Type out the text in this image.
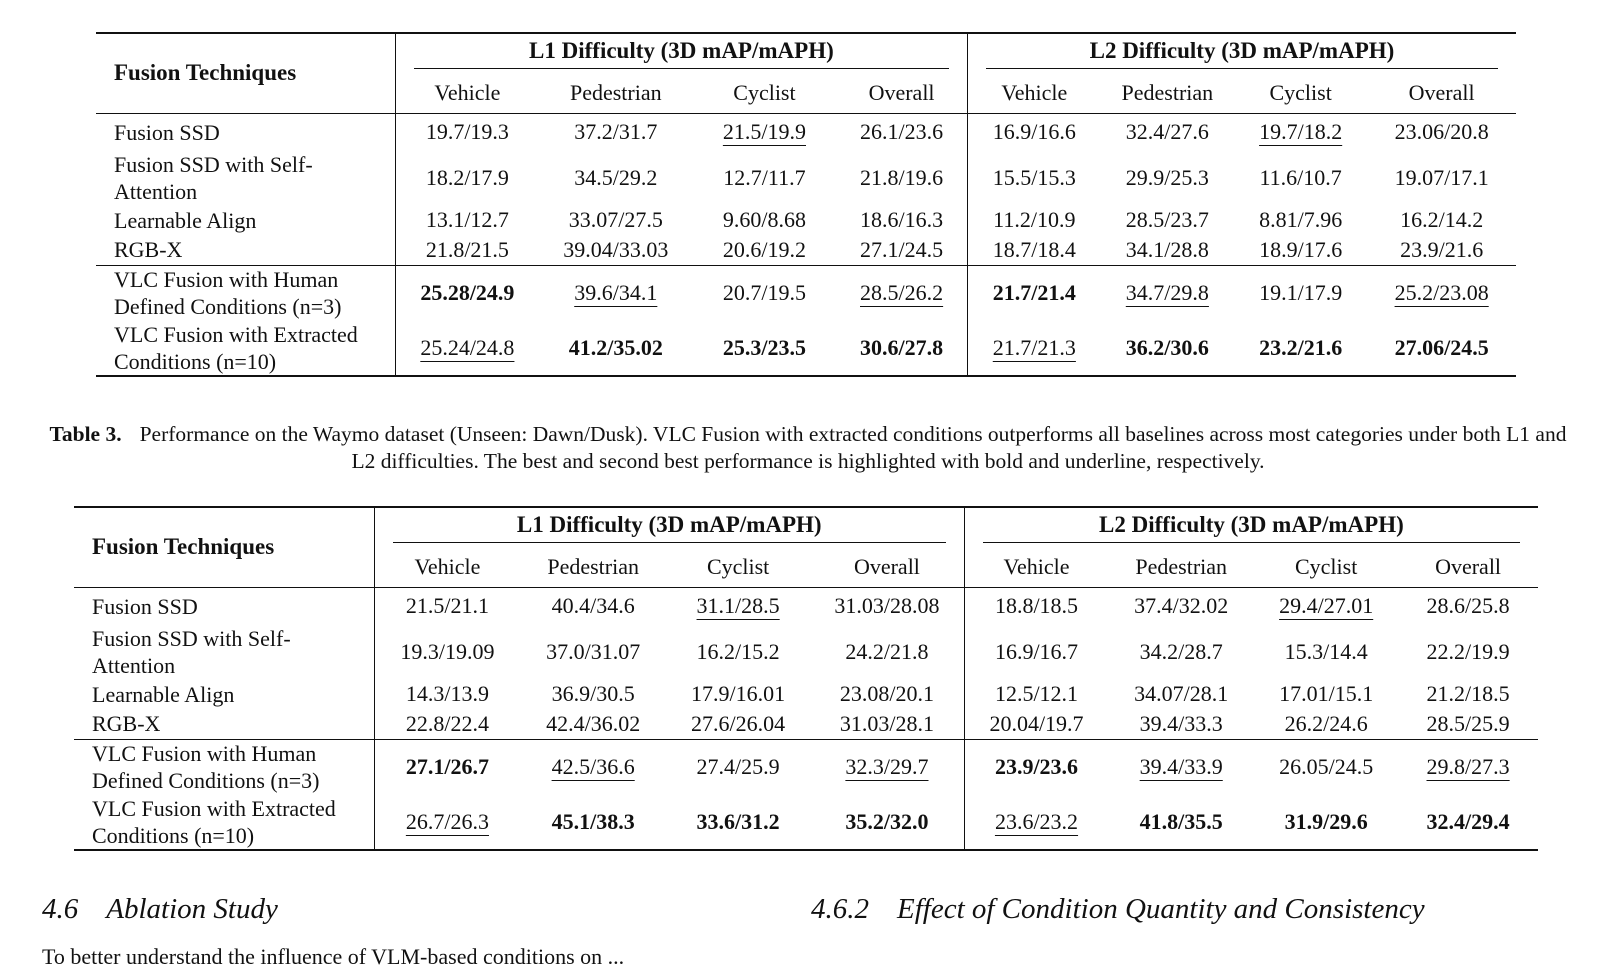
Fusion Techniques	L1 Difficulty (3D mAP/mAPH)				L2 Difficulty (3D mAP/mAPH)			

	Vehicle	Pedestrian	Cyclist	Overall	Vehicle	Pedestrian	Cyclist	Overall
Fusion SSD	19.7/19.3	37.2/31.7	21.5/19.9	26.1/23.6	16.9/16.6	32.4/27.6	19.7/18.2	23.06/20.8
Fusion SSD with Self-Attention	18.2/17.9	34.5/29.2	12.7/11.7	21.8/19.6	15.5/15.3	29.9/25.3	11.6/10.7	19.07/17.1
Learnable Align	13.1/12.7	33.07/27.5	9.60/8.68	18.6/16.3	11.2/10.9	28.5/23.7	8.81/7.96	16.2/14.2
RGB-X	21.8/21.5	39.04/33.03	20.6/19.2	27.1/24.5	18.7/18.4	34.1/28.8	18.9/17.6	23.9/21.6
VLC Fusion with Human Defined Conditions (n=3)	25.28/24.9	39.6/34.1	20.7/19.5	28.5/26.2	21.7/21.4	34.7/29.8	19.1/17.9	25.2/23.08
VLC Fusion with Extracted Conditions (n=10)	25.24/24.8	41.2/35.02	25.3/23.5	30.6/27.8	21.7/21.3	36.2/30.6	23.2/21.6	27.06/24.5
Table 3. Performance on the Waymo dataset (Unseen: Dawn/Dusk). VLC Fusion with extracted conditions outperforms all baselines across most categories under both L1 and L2 difficulties. The best and second best performance is highlighted with bold and underline, respectively.
Fusion Techniques	L1 Difficulty (3D mAP/mAPH)				L2 Difficulty (3D mAP/mAPH)			

	Vehicle	Pedestrian	Cyclist	Overall	Vehicle	Pedestrian	Cyclist	Overall
Fusion SSD	21.5/21.1	40.4/34.6	31.1/28.5	31.03/28.08	18.8/18.5	37.4/32.02	29.4/27.01	28.6/25.8
Fusion SSD with Self-Attention	19.3/19.09	37.0/31.07	16.2/15.2	24.2/21.8	16.9/16.7	34.2/28.7	15.3/14.4	22.2/19.9
Learnable Align	14.3/13.9	36.9/30.5	17.9/16.01	23.08/20.1	12.5/12.1	34.07/28.1	17.01/15.1	21.2/18.5
RGB-X	22.8/22.4	42.4/36.02	27.6/26.04	31.03/28.1	20.04/19.7	39.4/33.3	26.2/24.6	28.5/25.9
VLC Fusion with Human Defined Conditions (n=3)	27.1/26.7	42.5/36.6	27.4/25.9	32.3/29.7	23.9/23.6	39.4/33.9	26.05/24.5	29.8/27.3
VLC Fusion with Extracted Conditions (n=10)	26.7/26.3	45.1/38.3	33.6/31.2	35.2/32.0	23.6/23.2	41.8/35.5	31.9/29.6	32.4/29.4
4.6 Ablation Study	4.6.2 Effect of Condition Quantity and Consistency
To better understand the influence of VLM-based conditions on ...
